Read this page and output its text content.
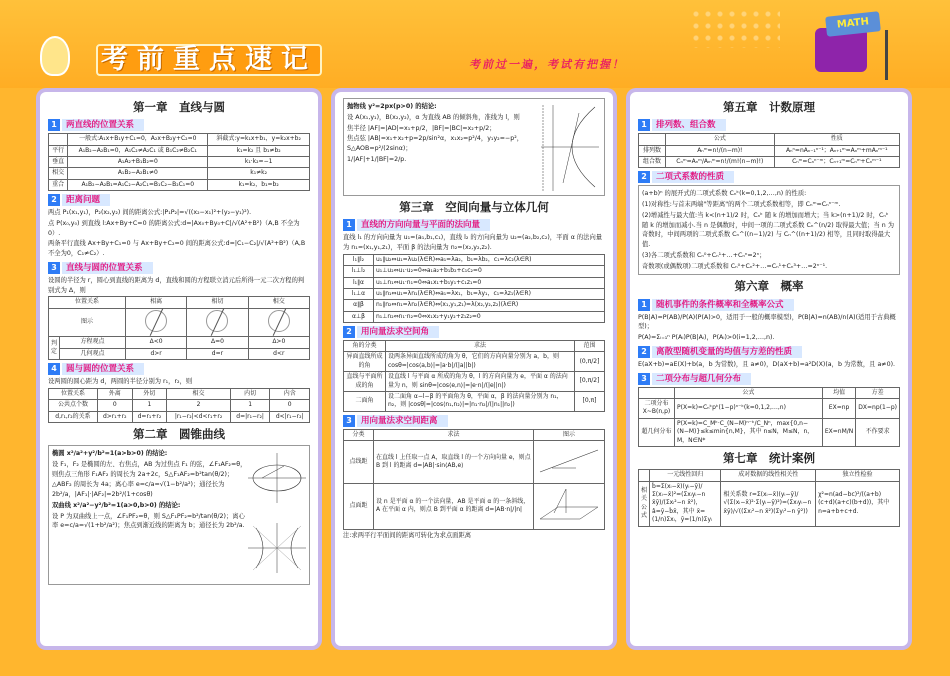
考前重点速记	考前过一遍，考试有把握！
MATH
第一章　直线与圆
1	两直线的位置关系
	一般式:A₁x+B₁y+C₁=0，A₂x+B₂y+C₂=0	斜截式:y=k₁x+b₁，y=k₂x+b₂
平行	A₁B₂−A₂B₁=0，A₁C₂≠A₂C₁ 或 B₁C₂≠B₂C₁	k₁=k₂ 且 b₁≠b₂
垂直	A₁A₂+B₁B₂=0	k₁·k₂=−1
相交	A₁B₂−A₂B₁≠0	k₁≠k₂
重合	A₁B₂−A₂B₁=A₁C₂−A₂C₁=B₁C₂−B₂C₁=0	k₁=k₂，b₁=b₂
2	距离问题
两点 P₁(x₁,y₁)，P₂(x₂,y₂) 间的距离公式:|P₁P₂|=√((x₂−x₁)²+(y₂−y₁)²).
点 P(x₀,y₀) 到直线 l:Ax+By+C=0 的距离公式:d=|Ax₀+By₀+C|/√(A²+B²)（A,B 不全为0）.
两条平行直线 Ax+By+C₁=0 与 Ax+By+C₂=0 间的距离公式:d=|C₁−C₂|/√(A²+B²)（A,B 不全为0，C₁≠C₂）.
3	直线与圆的位置关系
设圆的半径为 r，圆心到直线的距离为 d，直线和圆的方程联立消元后所得一元二次方程的判别式为 Δ，则
位置关系		相离	相切	相交
图示				
判定	方程观点	Δ<0	Δ=0	Δ>0
	几何观点	d>r	d=r	d<r
4	圆与圆的位置关系
设两圆的圆心距为 d，两圆的半径分别为 r₁，r₂，则
位置关系	外离	外切	相交	内切	内含
公共点个数	0	1	2	1	0
d,r₁,r₂的关系	d>r₁+r₂	d=r₁+r₂	|r₁−r₂|<d<r₁+r₂	d=|r₁−r₂|	d<|r₁−r₂|
第二章　圆锥曲线
椭圆 x²/a²+y²/b²=1(a>b>0) 的结论:
设 F₁，F₂ 是椭圆的左、右焦点，AB 为过焦点 F₁ 的弦，∠F₁AF₂=θ，则焦点三角形 F₁AF₂ 的周长为 2a+2c，S△F₁AF₂=b²tan(θ/2)；
△ABF₂ 的周长为 4a；离心率 e=c/a=√(1−b²/a²)；通径长为 2b²/a，|AF₁|·|AF₂|=2b²/(1+cosθ)
双曲线 x²/a²−y²/b²=1(a>0,b>0) 的结论:
设 P 为双曲线上一点，∠F₁PF₂=θ，则 S△F₁PF₂=b²/tan(θ/2)；离心率 e=c/a=√(1+b²/a²)；焦点到渐近线的距离为 b；通径长为 2b²/a.
抛物线 y²=2px(p>0) 的结论:
设 A(x₁,y₁)，B(x₂,y₂)，α 为直线 AB 的倾斜角，准线为 l，则
焦半径 |AF|=|AD|=x₁+p/2，|BF|=|BC|=x₂+p/2；
焦点弦 |AB|=x₁+x₂+p=2p/sin²α，x₁x₂=p²/4，y₁y₂=−p²，S△AOB=p²/(2sinα)；
1/|AF|+1/|BF|=2/p.
第三章　空间向量与立体几何
1	直线的方向向量与平面的法向量
直线 l₁ 的方向向量为 u₁=(a₁,b₁,c₁)，直线 l₂ 的方向向量为 u₂=(a₂,b₂,c₂)，平面 α 的法向量为 n₁=(x₁,y₁,z₁)，平面 β 的法向量为 n₂=(x₂,y₂,z₂).
l₁∥l₂	u₁∥u₂⇔u₁=λu₂(λ∈R)⇔a₁=λa₂，b₁=λb₂，c₁=λc₂(λ∈R)
l₁⊥l₂	u₁⊥u₂⇔u₁·u₂=0⇔a₁a₂+b₁b₂+c₁c₂=0
l₁∥α	u₁⊥n₁⇔u₁·n₁=0⇔a₁x₁+b₁y₁+c₁z₁=0
l₁⊥α	u₁∥n₁⇔u₁=λn₁(λ∈R)⇔a₁=λx₁，b₁=λy₁，c₁=λz₁(λ∈R)
α∥β	n₁∥n₂⇔n₁=λn₂(λ∈R)⇔(x₁,y₁,z₁)=λ(x₂,y₂,z₂)(λ∈R)
α⊥β	n₁⊥n₂⇔n₁·n₂=0⇔x₁x₂+y₁y₂+z₁z₂=0
2	用向量法求空间角
角的分类	求法	范围
异面直线所成的角	设两条异面直线所成的角为 θ，它们的方向向量分别为 a，b，则 cosθ=|cos⟨a,b⟩|=|a·b|/(|a||b|)	(0,π/2]
直线与平面所成的角	设直线 l 与平面 α 所成的角为 θ，l 的方向向量为 e，平面 α 的法向量为 n，则 sinθ=|cos⟨e,n⟩|=|e·n|/(|e||n|)	[0,π/2]
二面角	设二面角 α−l−β 的平面角为 θ，平面 α，β 的法向量分别为 n₁，n₂，则 |cosθ|=|cos⟨n₁,n₂⟩|=|n₁·n₂|/(|n₁||n₂|)	[0,π]
3	用向量法求空间距离
分类	求法	图示
点线距	在直线 l 上任取一点 A，取直线 l 的一个方向向量 e，则点 B 到 l 的距离 d=|AB|·sin⟨AB,e⟩	
点面距	设 n 是平面 α 的一个法向量，AB 是平面 α 的一条斜线，A 在平面 α 内，则点 B 到平面 α 的距离 d=|AB·n|/|n|	
注:求两平行平面间的距离可转化为求点面距离
第五章　计数原理
1	排列数、组合数
	公式	性质
排列数	Aₙᵐ=n!/(n−m)!	Aₙⁿ=nAₙ₋₁ⁿ⁻¹；Aₙ₊₁ᵐ=Aₙᵐ+mAₙᵐ⁻¹
组合数	Cₙᵐ=Aₙᵐ/Aₘᵐ=n!/(m!(n−m)!)	Cₙᵐ=Cₙⁿ⁻ᵐ；Cₙ₊₁ᵐ=Cₙᵐ+Cₙᵐ⁻¹
2	二项式系数的性质
(a+b)ⁿ 的展开式的二项式系数 Cₙᵏ(k=0,1,2,…,n) 的性质:
(1)对称性:与首末两端"等距离"的两个二项式系数相等，即 Cₙᵐ=Cₙⁿ⁻ᵐ.
(2)增减性与最大值:当 k<(n+1)/2 时，Cₙᵏ 随 k 的增加而增大；当 k>(n+1)/2 时，Cₙᵏ 随 k 的增加而减小.当 n 是偶数时，中间一项的二项式系数 Cₙ^(n/2) 取得最大值；当 n 为奇数时，中间两项的二项式系数 Cₙ^((n−1)/2) 与 Cₙ^((n+1)/2) 相等，且同时取得最大值.
(3)各二项式系数和 Cₙ⁰+Cₙ¹+…+Cₙⁿ=2ⁿ；
奇数项(或偶数项)二项式系数和 Cₙ⁰+Cₙ²+…=Cₙ¹+Cₙ³+…=2ⁿ⁻¹.
第六章　概率
1	随机事件的条件概率和全概率公式
P(B|A)=P(AB)/P(A)(P(A)>0，适用于一般的概率模型)，P(B|A)=n(AB)/n(A)(适用于古典概型)；
P(A)=Σᵢ₌₁ⁿ P(Aᵢ)P(B|Aᵢ)，P(Aᵢ)>0(i=1,2,…,n).
2	离散型随机变量的均值与方差的性质
E(aX+b)=aE(X)+b(a，b 为常数)，且 a≠0)，D(aX+b)=a²D(X)(a，b 为常数，且 a≠0).
3	二项分布与超几何分布
	公式	均值	方差
二项分布 X~B(n,p)	P(X=k)=Cₙᵏpᵏ(1−p)ⁿ⁻ᵏ(k=0,1,2,…,n)	EX=np	DX=np(1−p)
超几何分布	P(X=k)=C_Mᵏ·C_(N−M)ⁿ⁻ᵏ/C_Nⁿ，max{0,n−(N−M)}≤k≤min{n,M}，其中 n≤N，M≤N，n，M，N∈N*	EX=nM/N	不作要求
第七章　统计案例
	一元线性回归	成对数据的线性相关性	独立性检验
相关公式	b̂=Σ(xᵢ−x̄)(yᵢ−ȳ)/Σ(xᵢ−x̄)²=(Σxᵢyᵢ−n x̄ȳ)/(Σxᵢ²−n x̄²)，â=ȳ−b̂x̄，其中 x̄=(1/n)Σxᵢ，ȳ=(1/n)Σyᵢ	相关系数 r=Σ(xᵢ−x̄)(yᵢ−ȳ)/√(Σ(xᵢ−x̄)²·Σ(yᵢ−ȳ)²)=(Σxᵢyᵢ−n x̄ȳ)/√((Σxᵢ²−n x̄²)(Σyᵢ²−n ȳ²))	χ²=n(ad−bc)²/((a+b)(c+d)(a+c)(b+d))，其中 n=a+b+c+d.
